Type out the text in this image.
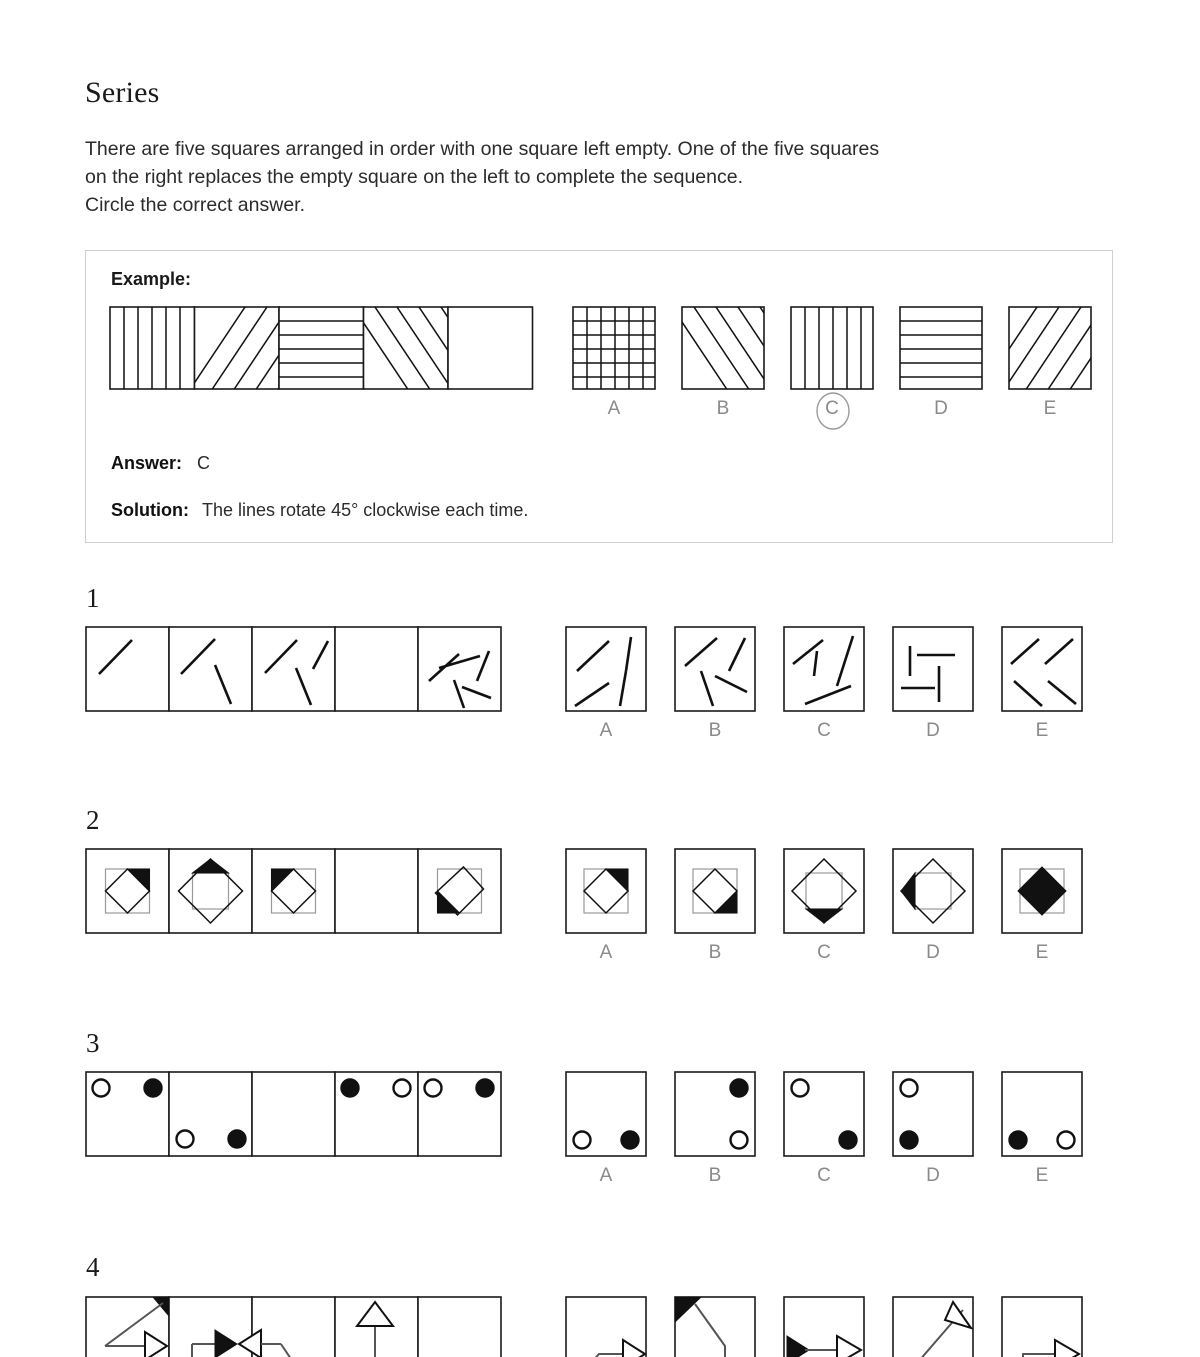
Series
There are five squares arranged in order with one square left empty. One of the five squares
on the right replaces the empty square on the left to complete the sequence.
Circle the correct answer.
Example:
A	B	C	D	E
Answer: C
Solution: The lines rotate 45° clockwise each time.
1
A	B	C	D	E
2
A	B	C	D	E
3
A	B	C	D	E
4
